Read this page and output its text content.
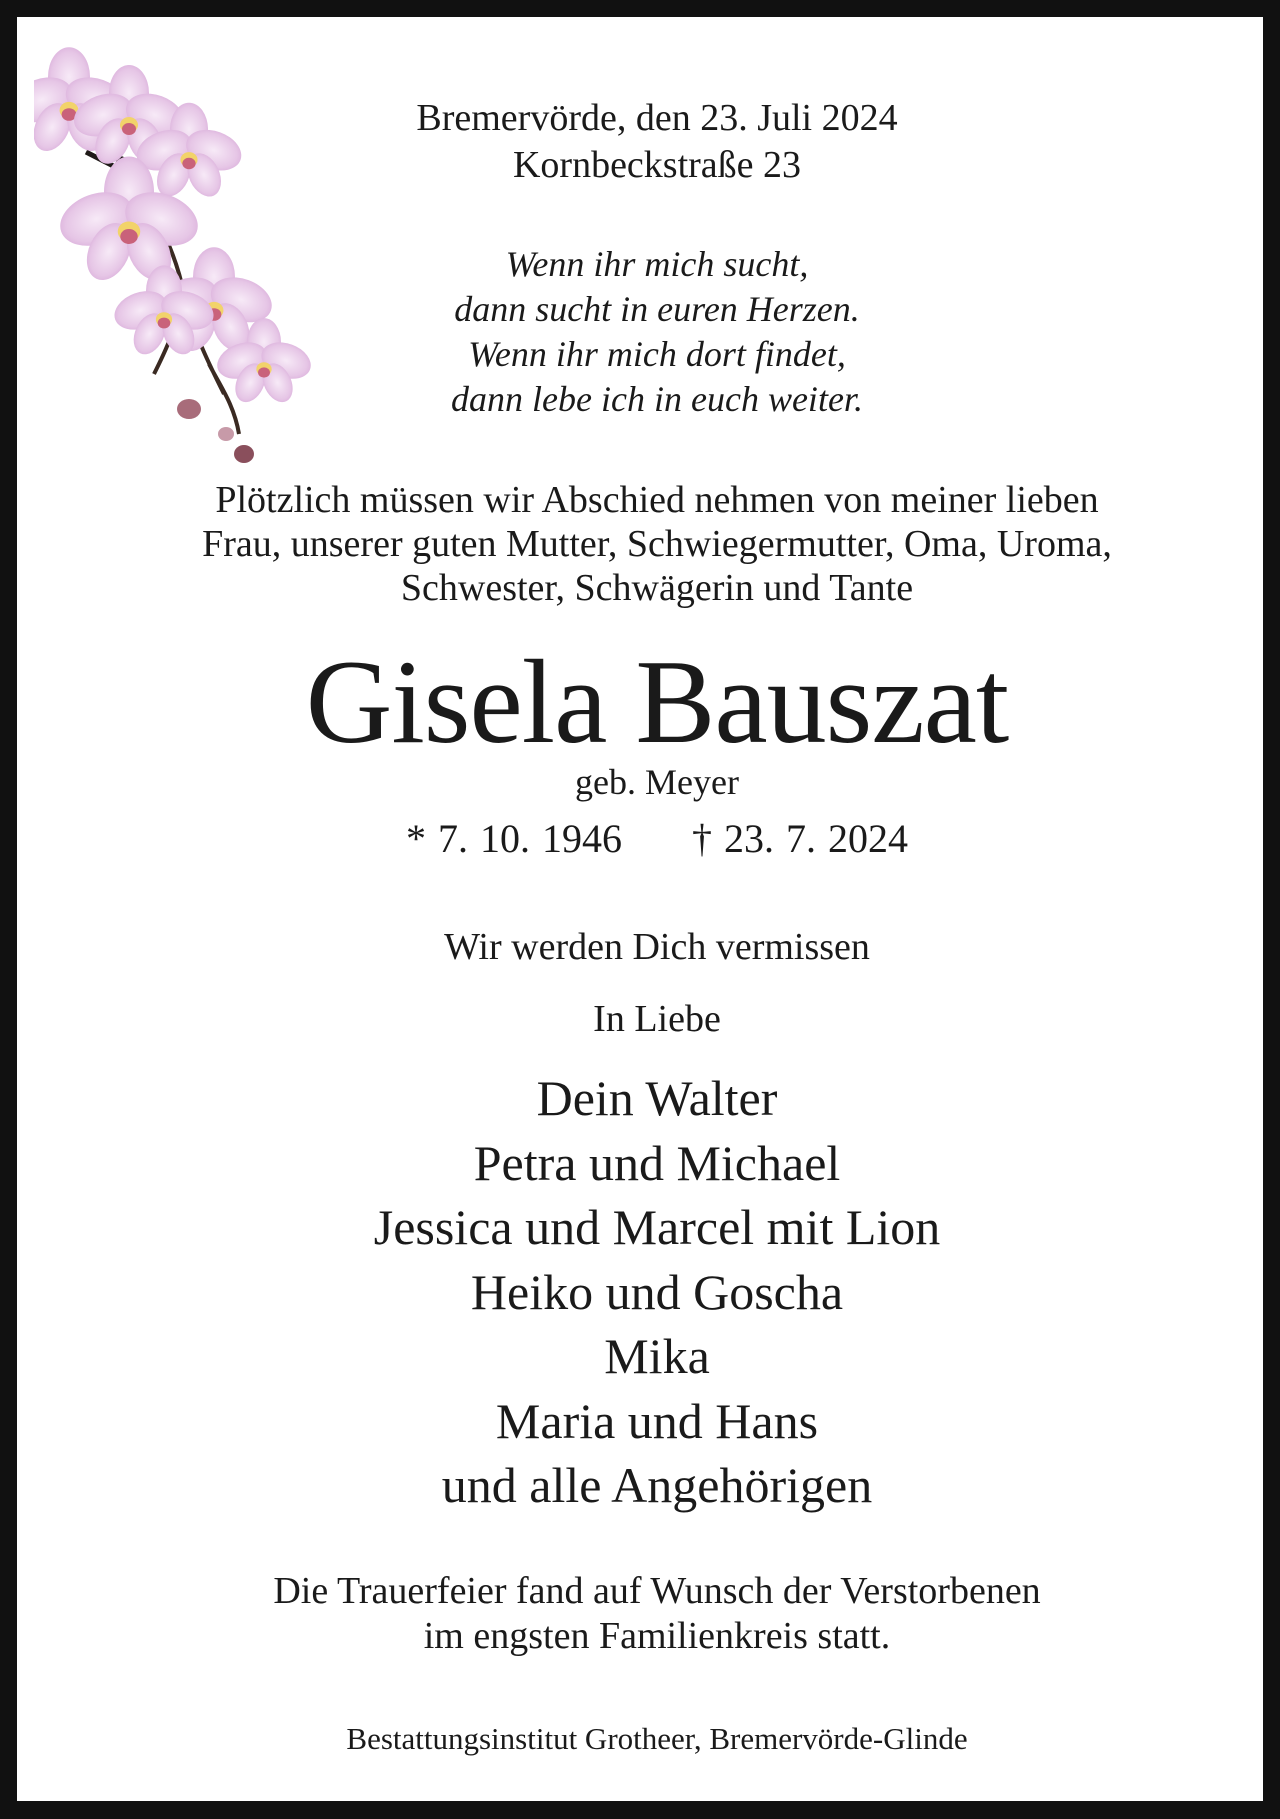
Bremervörde, den 23. Juli 2024
Kornbeckstraße 23
Wenn ihr mich sucht,
dann sucht in euren Herzen.
Wenn ihr mich dort findet,
dann lebe ich in euch weiter.
Plötzlich müssen wir Abschied nehmen von meiner lieben
Frau, unserer guten Mutter, Schwiegermutter, Oma, Uroma,
Schwester, Schwägerin und Tante
Gisela Bauszat
geb. Meyer
* 7. 10. 1946 † 23. 7. 2024
Wir werden Dich vermissen
In Liebe
Dein Walter
Petra und Michael
Jessica und Marcel mit Lion
Heiko und Goscha
Mika
Maria und Hans
und alle Angehörigen
Die Trauerfeier fand auf Wunsch der Verstorbenen
im engsten Familienkreis statt.
Bestattungsinstitut Grotheer, Bremervörde-Glinde
